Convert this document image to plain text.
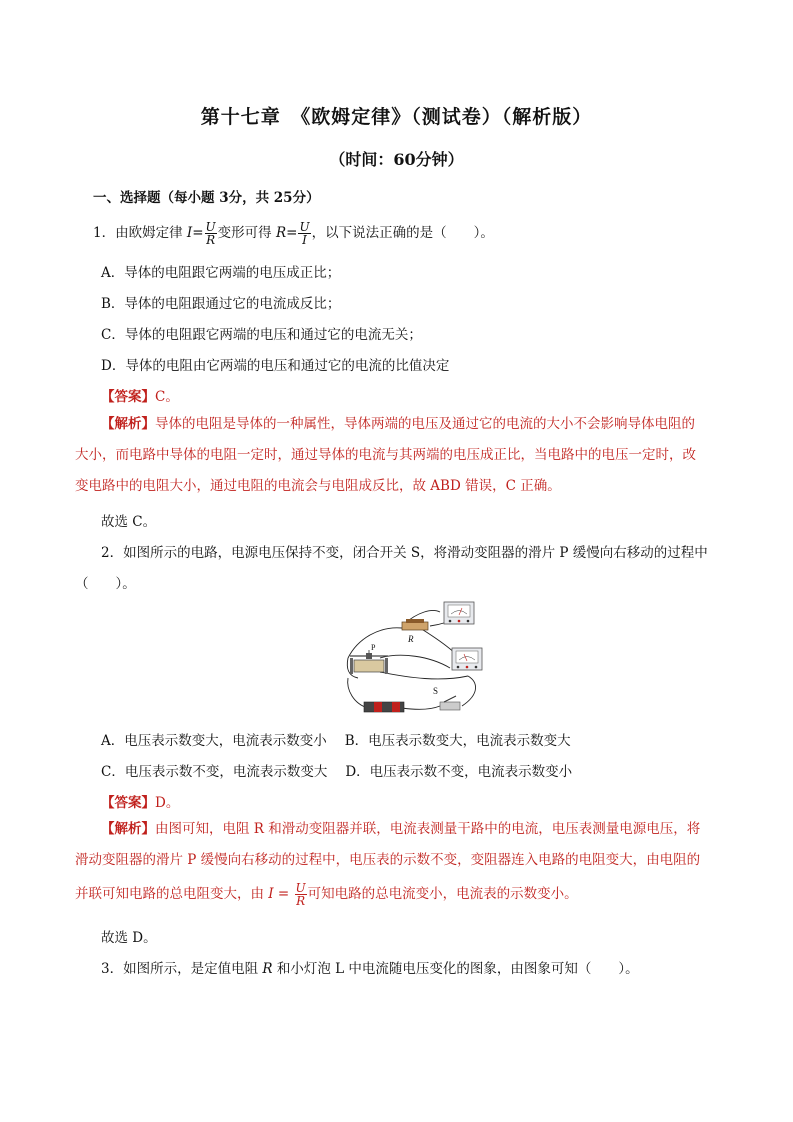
第十七章　《欧姆定律》（测试卷）（解析版）
（时间：60分钟）
一、选择题（每小题 3分，共 25分）
1．由欧姆定律 $I= \frac{U}{R}$ 变形可得 $R= \frac{U}{I}$ ，以下说法正确的是（　　）。
A．导体的电阻跟它两端的电压成正比；
B．导体的电阻跟通过它的电流成反比；
C．导体的电阻跟它两端的电压和通过它的电流无关；
D．导体的电阻由它两端的电压和通过它的电流的比值决定
【答案】C。
【解析】导体的电阻是导体的一种属性，导体两端的电压及通过它的电流的大小不会影响导体电阻的
大小，而电路中导体的电阻一定时，通过导体的电流与其两端的电压成正比，当电路中的电压一定时，改
变电路中的电阻大小，通过电阻的电流会与电阻成反比，故 ABD 错误，C 正确。
故选 C。
2．如图所示的电路，电源电压保持不变，闭合开关 S，将滑动变阻器的滑片 P 缓慢向右移动的过程中
（　　）。
R
P
S
A．电压表示数变大，电流表示数变小 B．电压表示数变大，电流表示数变大
C．电压表示数不变，电流表示数变大 D．电压表示数不变，电流表示数变小
【答案】D。
【解析】由图可知，电阻 R 和滑动变阻器并联，电流表测量干路中的电流，电压表测量电源电压，将
滑动变阻器的滑片 P 缓慢向右移动的过程中，电压表的示数不变，变阻器连入电路的电阻变大，由电阻的
并联可知电路的总电阻变大，由 $I = \frac{U}{R}$ 可知电路的总电流变小，电流表的示数变小。
故选 D。
3．如图所示，是定值电阻 R 和小灯泡 L 中电流随电压变化的图象，由图象可知（　　）。
